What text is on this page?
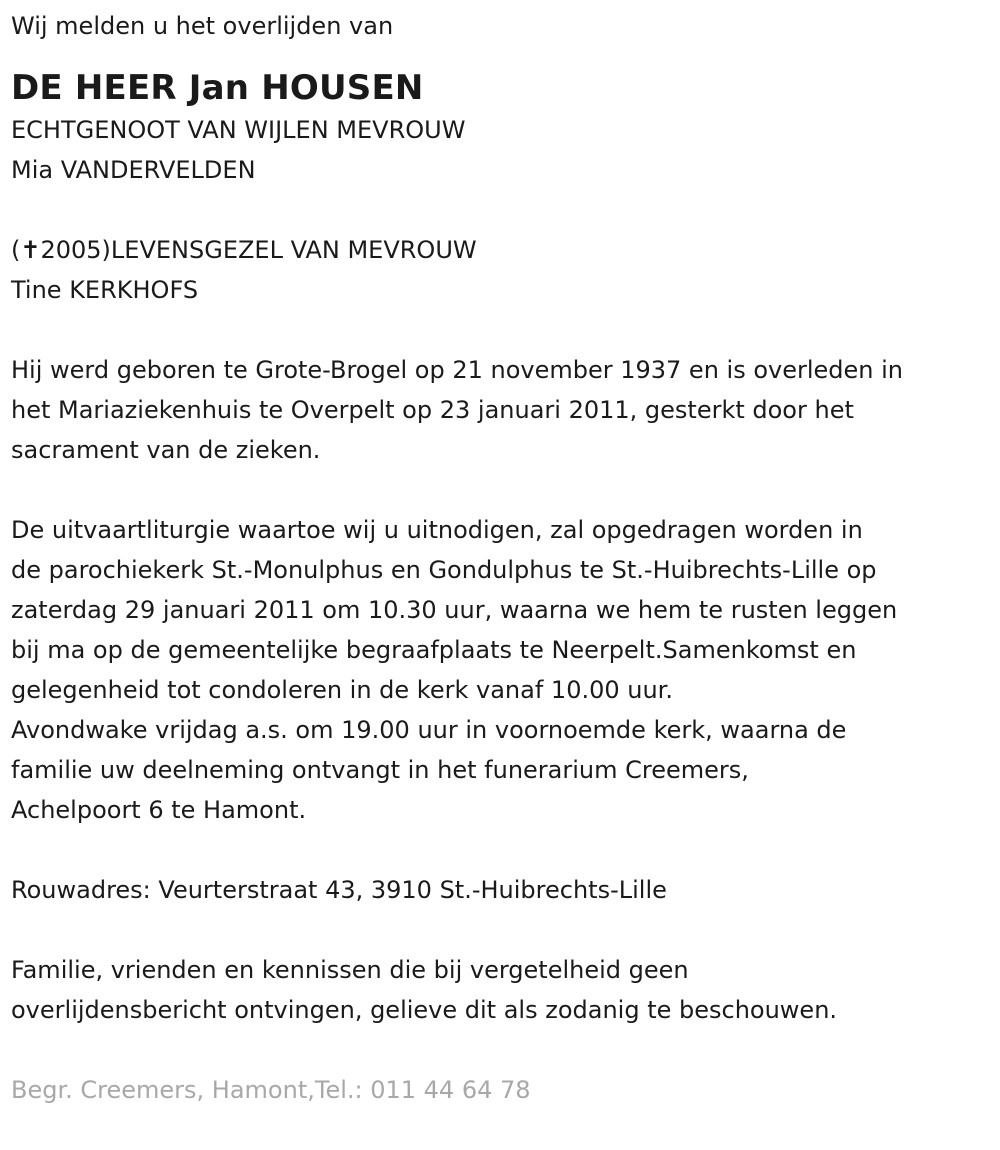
Wij melden u het overlijden van

DE HEER Jan HOUSEN

ECHTGENOOT VAN WIJLEN MEVROUW

Mia VANDERVELDEN

(✝2005)LEVENSGEZEL VAN MEVROUW

Tine KERKHOFS

Hij werd geboren te Grote-Brogel op 21 november 1937 en is overleden in

het Mariaziekenhuis te Overpelt op 23 januari 2011, gesterkt door het

sacrament van de zieken.

De uitvaartliturgie waartoe wij u uitnodigen, zal opgedragen worden in

de parochiekerk St.-Monulphus en Gondulphus te St.-Huibrechts-Lille op

zaterdag 29 januari 2011 om 10.30 uur, waarna we hem te rusten leggen

bij ma op de gemeentelijke begraafplaats te Neerpelt.Samenkomst en

gelegenheid tot condoleren in de kerk vanaf 10.00 uur.

Avondwake vrijdag a.s. om 19.00 uur in voornoemde kerk, waarna de

familie uw deelneming ontvangt in het funerarium Creemers,

Achelpoort 6 te Hamont.

Rouwadres: Veurterstraat 43, 3910 St.-Huibrechts-Lille

Familie, vrienden en kennissen die bij vergetelheid geen

overlijdensbericht ontvingen, gelieve dit als zodanig te beschouwen.

Begr. Creemers, Hamont,Tel.: 011 44 64 78
